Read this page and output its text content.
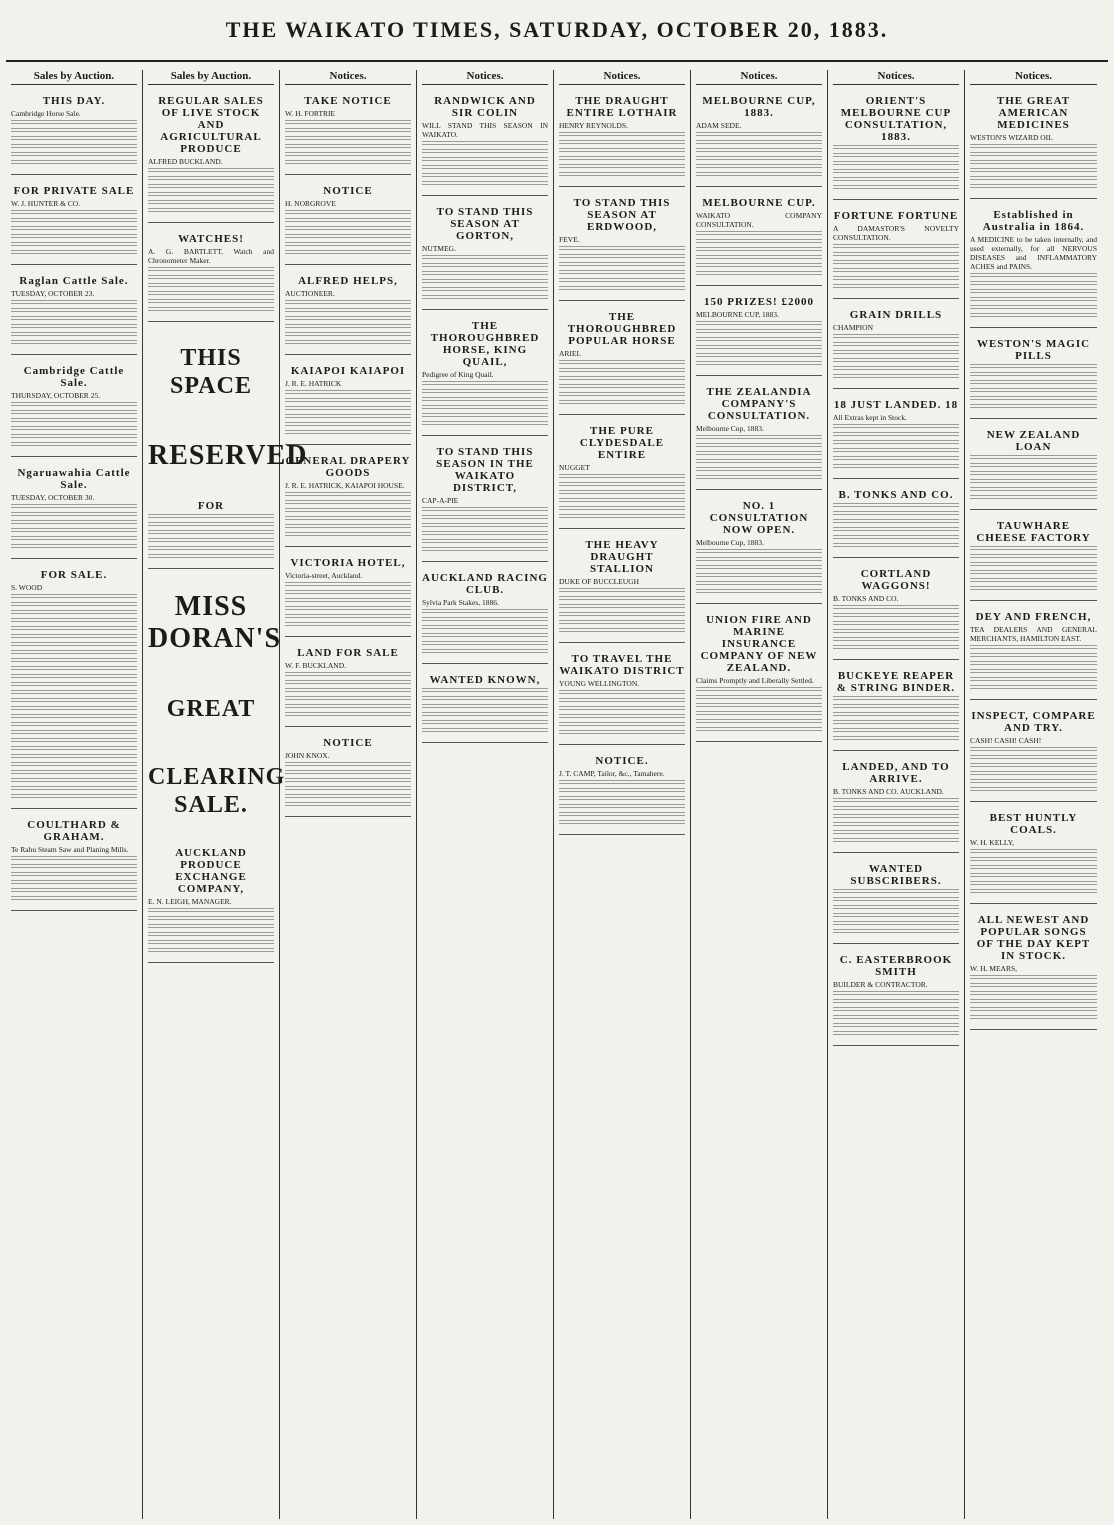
THE WAIKATO TIMES, SATURDAY, OCTOBER 20, 1883.
Sales by Auction.
THIS DAY.

Cambridge Horse Sale.

FOR PRIVATE SALE

W. J. HUNTER & CO.

Raglan Cattle Sale.

TUESDAY, OCTOBER 23.

Cambridge Cattle Sale.

THURSDAY, OCTOBER 25.

Ngaruawahia Cattle Sale.

TUESDAY, OCTOBER 30.

FOR SALE.

S. WOOD

COULTHARD & GRAHAM.

Te Rahu Steam Saw and Planing Mills.

Sales by Auction.
REGULAR SALES OF LIVE STOCK AND AGRICULTURAL PRODUCE

ALFRED BUCKLAND.

WATCHES!

A. G. BARTLETT, Watch and Chronometer Maker.

THIS SPACE
RESERVED
FOR
MISS DORAN'S
GREAT
CLEARING SALE.
AUCKLAND PRODUCE EXCHANGE COMPANY,

E. N. LEIGH, MANAGER.

Notices.
TAKE NOTICE

W. H. FORTRIE

NOTICE

H. NORGROVE

ALFRED HELPS,

AUCTIONEER.

KAIAPOI KAIAPOI

J. R. E. HATRICK

GENERAL DRAPERY GOODS

J. R. E. HATRICK, KAIAPOI HOUSE.

VICTORIA HOTEL,

Victoria-street, Auckland.

LAND FOR SALE

W. F. BUCKLAND.

NOTICE

JOHN KNOX.

Notices.
RANDWICK AND SIR COLIN

WILL STAND THIS SEASON IN WAIKATO.

TO STAND THIS SEASON AT GORTON,

NUTMEG.

THE THOROUGHBRED HORSE, KING QUAIL,

Pedigree of King Quail.

TO STAND THIS SEASON IN THE WAIKATO DISTRICT,

CAP-A-PIE

AUCKLAND RACING CLUB.

Sylvia Park Stakes, 1886.

WANTED KNOWN,
Notices.
THE DRAUGHT ENTIRE LOTHAIR

HENRY REYNOLDS.

TO STAND THIS SEASON AT ERDWOOD,

FEVE.

THE THOROUGHBRED POPULAR HORSE

ARIEL

THE PURE CLYDESDALE ENTIRE

NUGGET

THE HEAVY DRAUGHT STALLION

DUKE OF BUCCLEUGH

TO TRAVEL THE WAIKATO DISTRICT

YOUNG WELLINGTON.

NOTICE.

J. T. CAMP, Tailor, &c., Tamahere.

Notices.
MELBOURNE CUP, 1883.

ADAM SEDE.

MELBOURNE CUP.

WAIKATO COMPANY CONSULTATION.

150 PRIZES! £2000

MELBOURNE CUP, 1883.

THE ZEALANDIA COMPANY'S CONSULTATION.

Melbourne Cup, 1883.

NO. 1 CONSULTATION NOW OPEN.

Melbourne Cup, 1883.

UNION FIRE AND MARINE INSURANCE COMPANY OF NEW ZEALAND.

Claims Promptly and Liberally Settled.

Notices.
ORIENT'S MELBOURNE CUP CONSULTATION, 1883.
FORTUNE FORTUNE

A DAMASTOR'S NOVELTY CONSULTATION.

GRAIN DRILLS

CHAMPION

18 JUST LANDED. 18

All Extras kept in Stock.

B. TONKS AND CO.
CORTLAND WAGGONS!

B. TONKS AND CO.

BUCKEYE REAPER & STRING BINDER.
LANDED, AND TO ARRIVE.

B. TONKS AND CO. AUCKLAND.

WANTED SUBSCRIBERS.
C. EASTERBROOK SMITH

BUILDER & CONTRACTOR.

Notices.
THE GREAT AMERICAN MEDICINES

WESTON'S WIZARD OIL

Established in Australia in 1864.

A MEDICINE to be taken internally, and used externally, for all NERVOUS DISEASES and INFLAMMATORY ACHES and PAINS.

WESTON'S MAGIC PILLS
NEW ZEALAND LOAN
TAUWHARE CHEESE FACTORY
DEY AND FRENCH,

TEA DEALERS AND GENERAL MERCHANTS, HAMILTON EAST.

INSPECT, COMPARE AND TRY.

CASH! CASH! CASH!

BEST HUNTLY COALS.

W. H. KELLY,

ALL NEWEST AND POPULAR SONGS OF THE DAY KEPT IN STOCK.

W. H. MEARS,
